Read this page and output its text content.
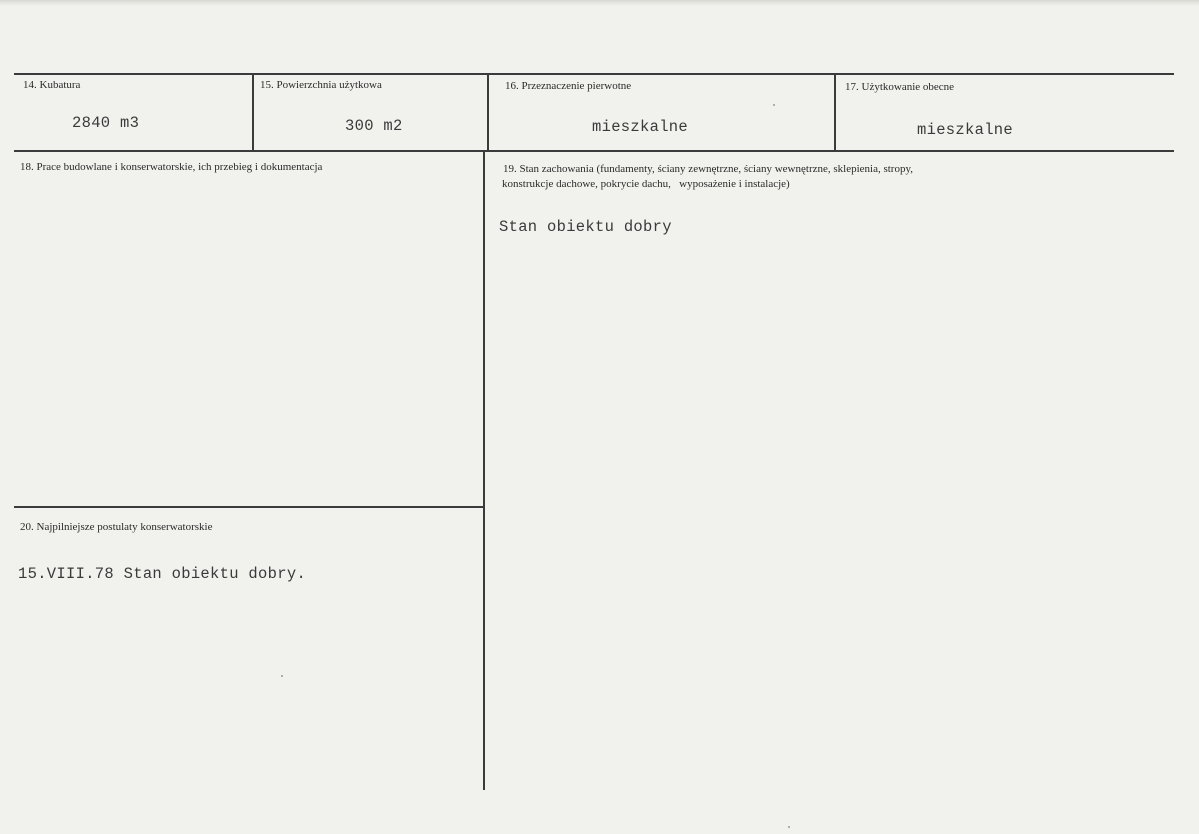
14. Kubatura
2840 m3
15. Powierzchnia użytkowa
300 m2
16. Przeznaczenie pierwotne
mieszkalne
17. Użytkowanie obecne
mieszkalne
18. Prace budowlane i konserwatorskie, ich przebieg i dokumentacja	19. Stan zachowania (fundamenty, ściany zewnętrzne, ściany wewnętrzne, sklepienia, stropy,
konstrukcje dachowe, pokrycie dachu,   wyposażenie i instalacje)
Stan obiektu dobry
20. Najpilniejsze postulaty konserwatorskie
15.VIII.78 Stan obiektu dobry.
